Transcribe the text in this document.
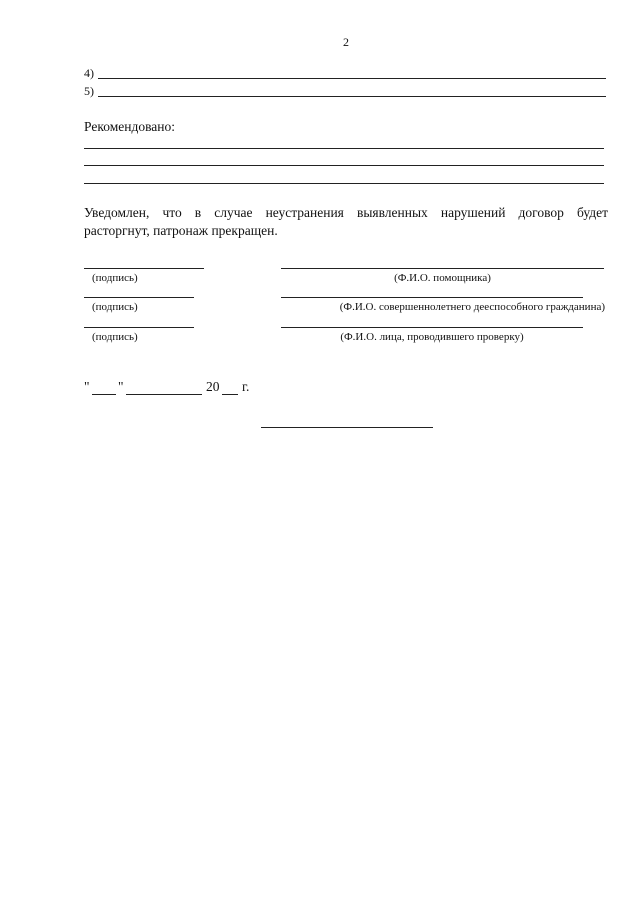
2
4)
5)
Рекомендовано:
Уведомлен, что в случае неустранения выявленных нарушений договор будет
расторгнут, патронаж прекращен.
(подпись)	(Ф.И.О. помощника)
(подпись)	(Ф.И.О. совершеннолетнего дееспособного гражданина)
(подпись)	(Ф.И.О. лица, проводившего проверку)
" "	20 г.
